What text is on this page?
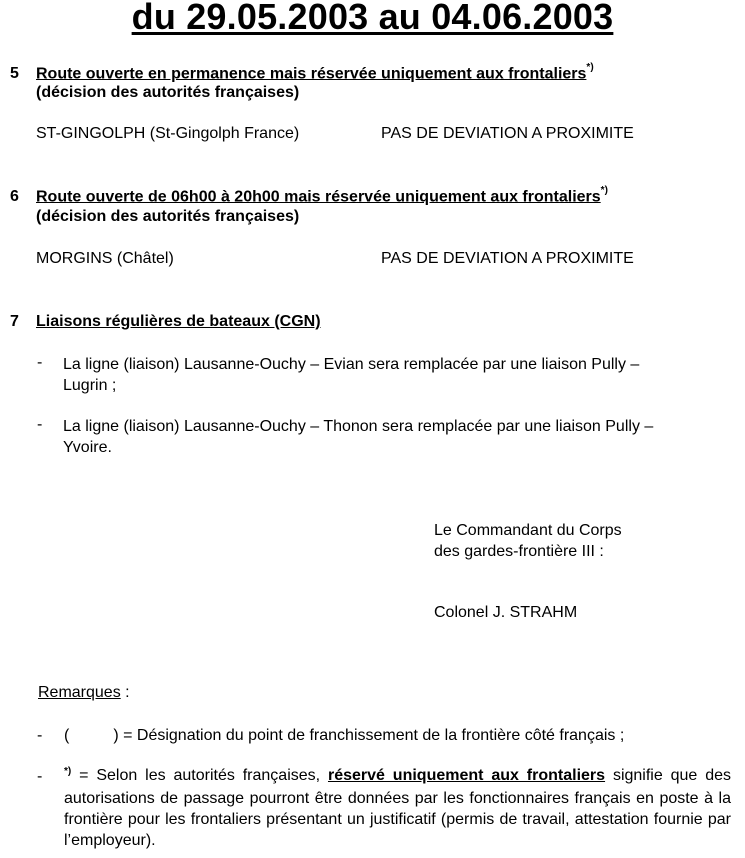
du 29.05.2003 au 04.06.2003
5 Route ouverte en permanence mais réservée uniquement aux frontaliers*)
(décision des autorités françaises)
ST-GINGOLPH (St-Gingolph France)	PAS DE DEVIATION A PROXIMITE
6 Route ouverte de 06h00 à 20h00 mais réservée uniquement aux frontaliers*)
(décision des autorités françaises)
MORGINS (Châtel)	PAS DE DEVIATION A PROXIMITE
7 Liaisons régulières de bateaux (CGN)
- La ligne (liaison) Lausanne-Ouchy – Evian sera remplacée par une liaison Pully –
Lugrin ;
- La ligne (liaison) Lausanne-Ouchy – Thonon sera remplacée par une liaison Pully –
Yvoire.
Le Commandant du Corps
des gardes-frontière III :
Colonel J. STRAHM
Remarques :
- (	) = Désignation du point de franchissement de la frontière côté français ;
- *) = Selon les autorités françaises, réservé uniquement aux frontaliers signifie que des autorisations de passage pourront être données par les fonctionnaires français en poste à la frontière pour les frontaliers présentant un justificatif (permis de travail, attestation fournie par l’employeur).
